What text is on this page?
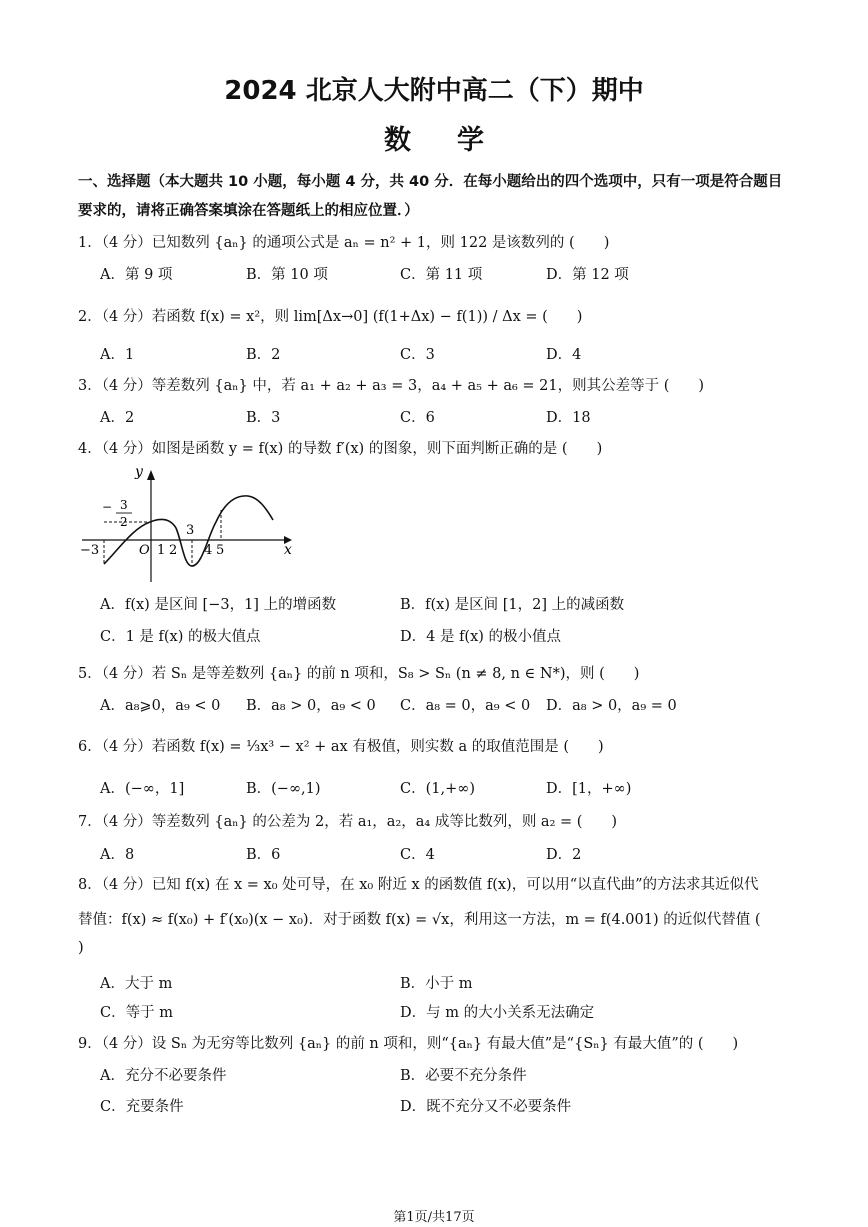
2024 北京人大附中高二（下）期中
数学
一、选择题（本大题共 10 小题，每小题 4 分，共 40 分．在每小题给出的四个选项中，只有一项是符合题目要求的，请将正确答案填涂在答题纸上的相应位置．）
1．（4 分）已知数列 {aₙ} 的通项公式是 aₙ = n² + 1，则 122 是该数列的 (　　)
A．第 9 项	B．第 10 项	C．第 11 项	D．第 12 项
2．（4 分）若函数 f(x) = x²，则 lim[Δx→0] (f(1+Δx) − f(1)) / Δx = (　　)
A．1	B．2	C．3	D．4
3．（4 分）等差数列 {aₙ} 中，若 a₁ + a₂ + a₃ = 3，a₄ + a₅ + a₆ = 21，则其公差等于 (　　)
A．2	B．3	C．6	D．18
4．（4 分）如图是函数 y = f(x) 的导数 f′(x) 的图象，则下面判断正确的是 (　　)
y
x
O
− 3
2
−3	1 2
3
4 5
A．f(x) 是区间 [−3，1] 上的增函数	B．f(x) 是区间 [1，2] 上的减函数
C．1 是 f(x) 的极大值点	D．4 是 f(x) 的极小值点
5．（4 分）若 Sₙ 是等差数列 {aₙ} 的前 n 项和，S₈ > Sₙ (n ≠ 8, n ∈ N*)，则 (　　)
A．a₈⩾0，a₉ < 0 B．a₈ > 0，a₉ < 0 C．a₈ = 0，a₉ < 0 D．a₈ > 0，a₉ = 0
6．（4 分）若函数 f(x) = ⅓x³ − x² + ax 有极值，则实数 a 的取值范围是 (　　)
A．(−∞，1]	B．(−∞,1)	C．(1,+∞)	D．[1，+∞)
7．（4 分）等差数列 {aₙ} 的公差为 2，若 a₁，a₂，a₄ 成等比数列，则 a₂ = (　　)
A．8	B．6	C．4	D．2
8．（4 分）已知 f(x) 在 x = x₀ 处可导，在 x₀ 附近 x 的函数值 f(x)，可以用“以直代曲”的方法求其近似代
替值：f(x) ≈ f(x₀) + f′(x₀)(x − x₀)．对于函数 f(x) = √x，利用这一方法，m = f(4.001) 的近似代替值 (
)
A．大于 m	B．小于 m
C．等于 m	D．与 m 的大小关系无法确定
9．（4 分）设 Sₙ 为无穷等比数列 {aₙ} 的前 n 项和，则“{aₙ} 有最大值”是“{Sₙ} 有最大值”的 (　　)
A．充分不必要条件	B．必要不充分条件
C．充要条件	D．既不充分又不必要条件
第1页/共17页
